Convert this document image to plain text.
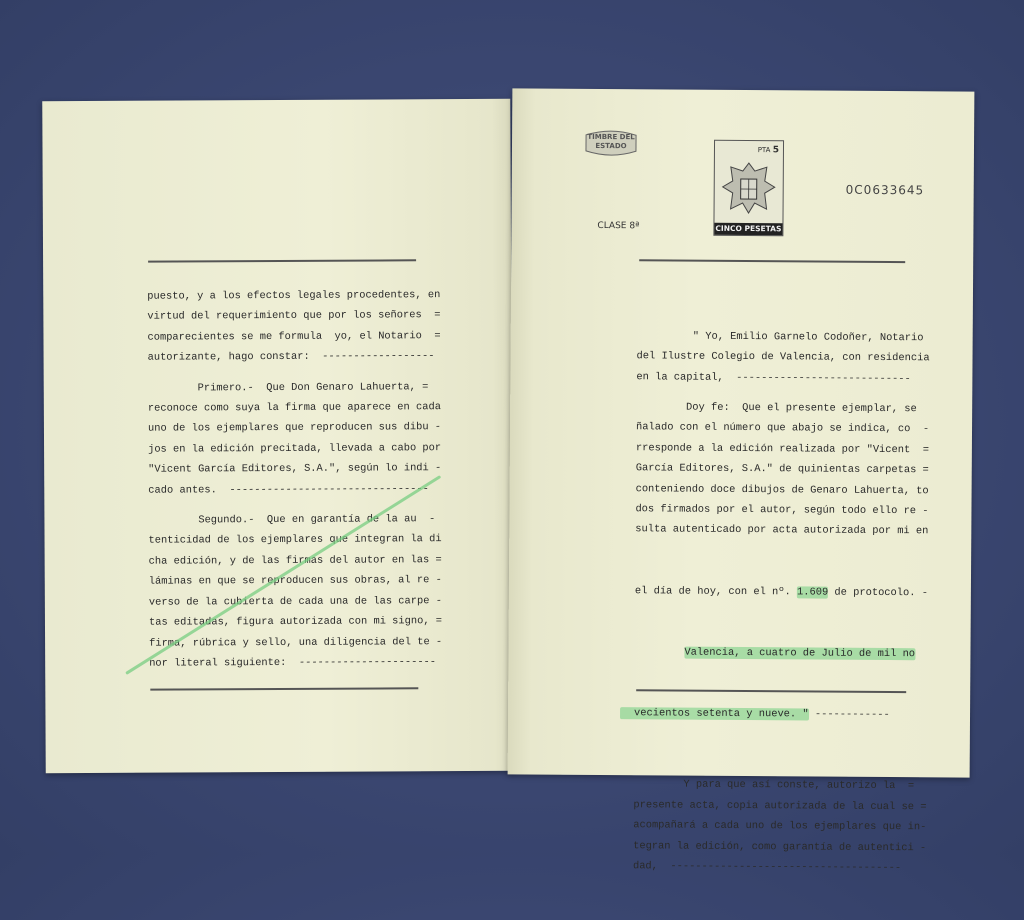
puesto, y a los efectos legales procedentes, en

virtud del requerimiento que por los señores  =

comparecientes se me formula  yo, el Notario  =

autorizante, hago constar:  ------------------

Primero.-  Que Don Genaro Lahuerta, =

reconoce como suya la firma que aparece en cada

uno de los ejemplares que reproducen sus dibu -

jos en la edición precitada, llevada a cabo por

"Vicent García Editores, S.A.", según lo indi -

cado antes.  --------------------------------

Segundo.-  Que en garantía de la au  -

tenticidad de los ejemplares que integran la di

cha edición, y de las firmas del autor en las =

láminas en que se reproducen sus obras, al re -

verso de la cubierta de cada una de las carpe -

tas editadas, figura autorizada con mi signo, =

firma, rúbrica y sello, una diligencia del te -

nor literal siguiente:  ----------------------

TIMBRE DEL ESTADO	PTA 5
CINCO PESETAS
0C0633645
CLASE 8ª

" Yo, Emilio Garnelo Codoñer, Notario

del Ilustre Colegio de Valencia, con residencia

en la capital,  ----------------------------

Doy fe:  Que el presente ejemplar, se

ñalado con el número que abajo se indica, co  -

rresponde a la edición realizada por "Vicent  =

García Editores, S.A." de quinientas carpetas =

conteniendo doce dibujos de Genaro Lahuerta, to

dos firmados por el autor, según todo ello re -

sulta autenticado por acta autorizada por mi en

el día de hoy, con el nº. 1.609 de protocolo. -

Valencia, a cuatro de Julio de mil no

vecientos setenta y nueve. " ------------

Y para que así conste, autorizo la  =

presente acta, copia autorizada de la cual se =

acompañará a cada uno de los ejemplares que in-

tegran la edición, como garantía de autentici -

dad,  -------------------------------------
